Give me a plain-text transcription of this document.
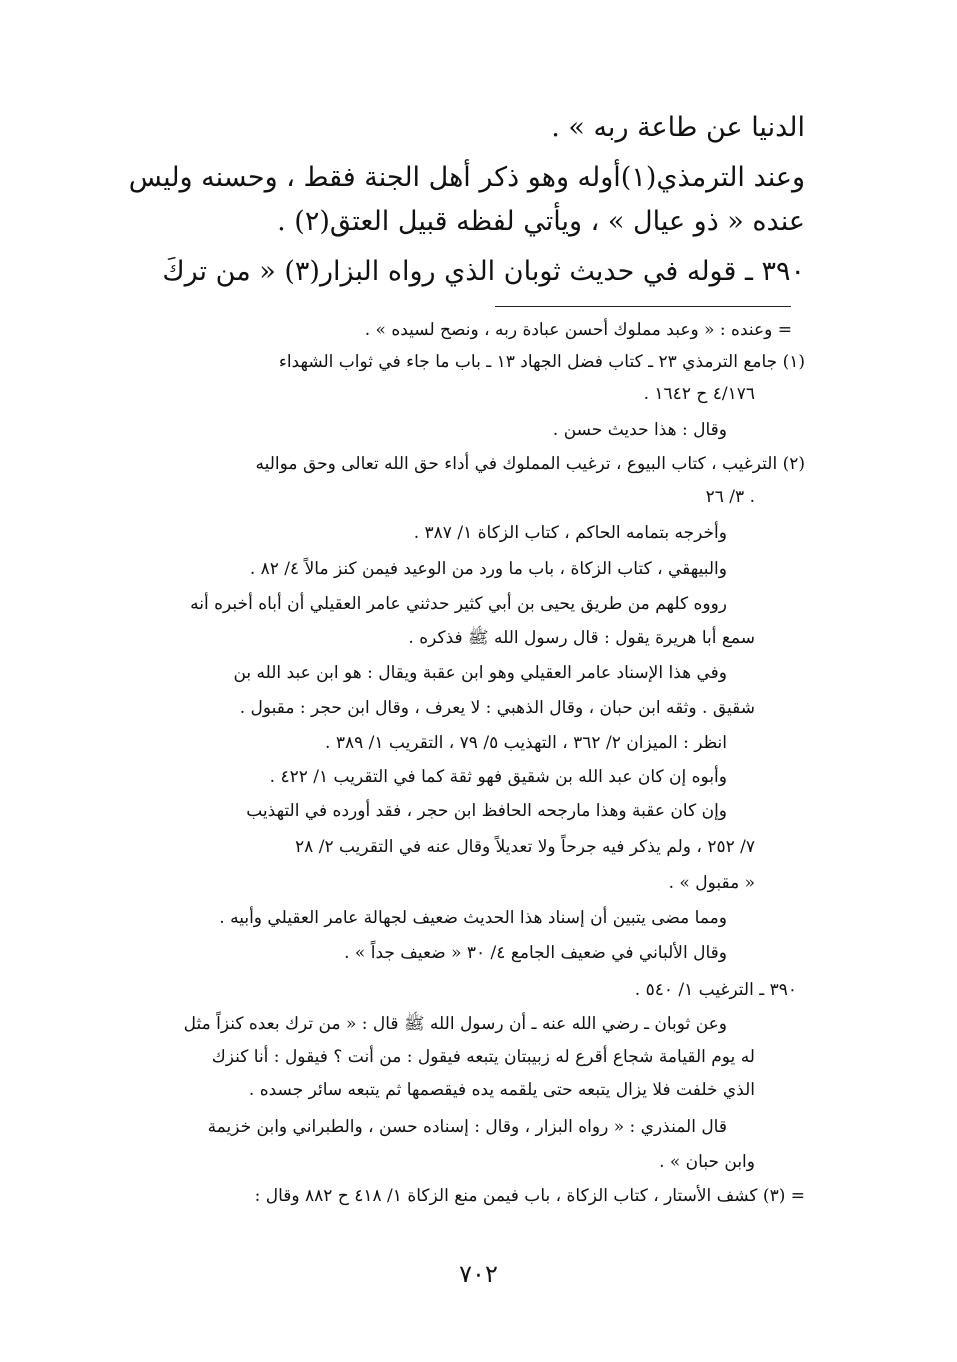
الدنيا عن طاعة ربه » .

وعند الترمذي(١)أوله وهو ذكر أهل الجنة فقط ، وحسنه وليس

عنده « ذو عيال » ، ويأتي لفظه قبيل العتق(٢) .

٣٩٠ ـ قوله في حديث ثوبان الذي رواه البزار(٣) « من تركَ

= وعنده : « وعبد مملوك أحسن عبادة ربه ، ونصح لسيده » .

(١) جامع الترمذي ٢٣ ـ كتاب فضل الجهاد ١٣ ـ باب ما جاء في ثواب الشهداء

٤/١٧٦ ح ١٦٤٢ .

وقال : هذا حديث حسن .

(٢) الترغيب ، كتاب البيوع ، ترغيب المملوك في أداء حق الله تعالى وحق مواليه

٣/ ٢٦ .

وأخرجه بتمامه الحاكم ، كتاب الزكاة ١/ ٣٨٧ .

والبيهقي ، كتاب الزكاة ، باب ما ورد من الوعيد فيمن كنز مالاً ٤/ ٨٢ .

رووه كلهم من طريق يحيى بن أبي كثير حدثني عامر العقيلي أن أباه أخبره أنه

سمع أبا هريرة يقول : قال رسول الله ﷺ فذكره .

وفي هذا الإسناد عامر العقيلي وهو ابن عقبة ويقال : هو ابن عبد الله بن

شقيق . وثقه ابن حبان ، وقال الذهبي : لا يعرف ، وقال ابن حجر : مقبول .

انظر : الميزان ٢/ ٣٦٢ ، التهذيب ٥/ ٧٩ ، التقريب ١/ ٣٨٩ .

وأبوه إن كان عبد الله بن شقيق فهو ثقة كما في التقريب ١/ ٤٢٢ .

وإن كان عقبة وهذا مارجحه الحافظ ابن حجر ، فقد أورده في التهذيب

٧/ ٢٥٢ ، ولم يذكر فيه جرحاً ولا تعديلاً وقال عنه في التقريب ٢/ ٢٨

« مقبول » .

ومما مضى يتبين أن إسناد هذا الحديث ضعيف لجهالة عامر العقيلي وأبيه .

وقال الألباني في ضعيف الجامع ٤/ ٣٠ « ضعيف جداً » .

٣٩٠ ـ الترغيب ١/ ٥٤٠ .

وعن ثوبان ـ رضي الله عنه ـ أن رسول الله ﷺ قال : « من ترك بعده كنزاً مثل

له يوم القيامة شجاع أقرع له زبيبتان يتبعه فيقول : من أنت ؟ فيقول : أنا كنزك

الذي خلفت فلا يزال يتبعه حتى يلقمه يده فيقصمها ثم يتبعه سائر جسده .

قال المنذري : « رواه البزار ، وقال : إسناده حسن ، والطبراني وابن خزيمة

وابن حبان » .

= (٣) كشف الأستار ، كتاب الزكاة ، باب فيمن منع الزكاة ١/ ٤١٨ ح ٨٨٢ وقال :

٧٠٢
